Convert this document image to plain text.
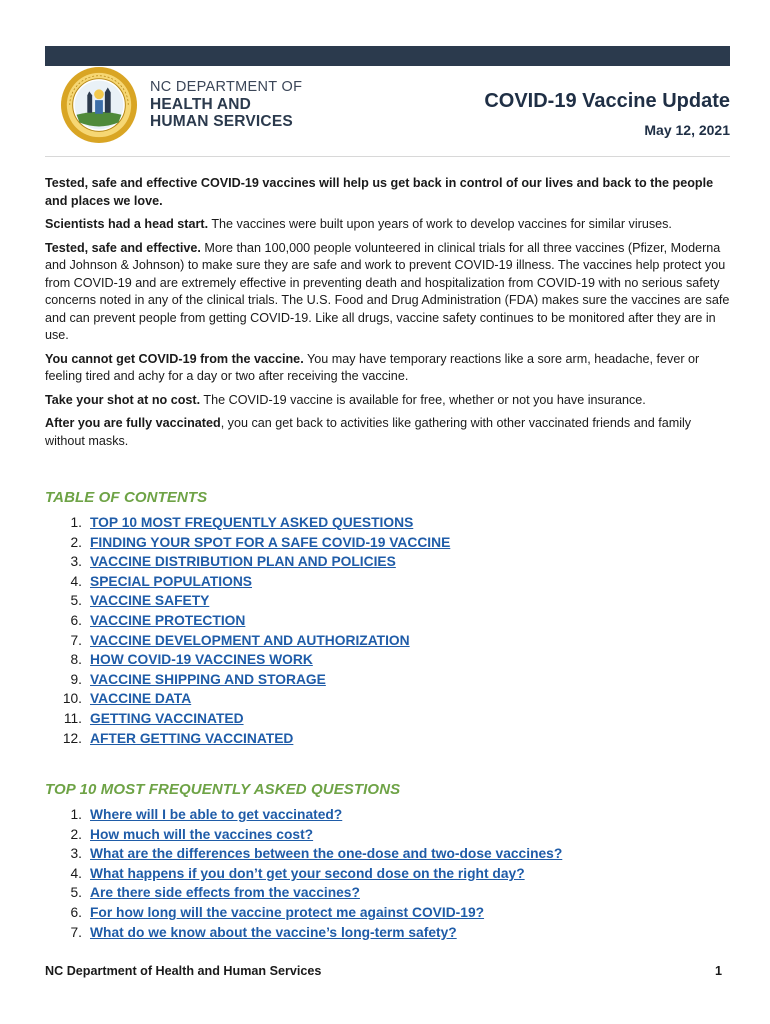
NC DEPARTMENT OF
HEALTH AND
HUMAN SERVICES
COVID-19 Vaccine Update
May 12, 2021

Tested, safe and effective COVID-19 vaccines will help us get back in control of our lives and back to the people and places we love.

Scientists had a head start. The vaccines were built upon years of work to develop vaccines for similar viruses.

Tested, safe and effective. More than 100,000 people volunteered in clinical trials for all three vaccines (Pfizer, Moderna and Johnson & Johnson) to make sure they are safe and work to prevent COVID-19 illness. The vaccines help protect you from COVID-19 and are extremely effective in preventing death and hospitalization from COVID-19 with no serious safety concerns noted in any of the clinical trials. The U.S. Food and Drug Administration (FDA) makes sure the vaccines are safe and can prevent people from getting COVID-19. Like all drugs, vaccine safety continues to be monitored after they are in use.

You cannot get COVID-19 from the vaccine. You may have temporary reactions like a sore arm, headache, fever or feeling tired and achy for a day or two after receiving the vaccine.

Take your shot at no cost. The COVID-19 vaccine is available for free, whether or not you have insurance.

After you are fully vaccinated, you can get back to activities like gathering with other vaccinated friends and family without masks.

TABLE OF CONTENTS
1. TOP 10 MOST FREQUENTLY ASKED QUESTIONS
2. FINDING YOUR SPOT FOR A SAFE COVID-19 VACCINE
3. VACCINE DISTRIBUTION PLAN AND POLICIES
4. SPECIAL POPULATIONS
5. VACCINE SAFETY
6. VACCINE PROTECTION
7. VACCINE DEVELOPMENT AND AUTHORIZATION
8. HOW COVID-19 VACCINES WORK
9. VACCINE SHIPPING AND STORAGE
10. VACCINE DATA
11. GETTING VACCINATED
12. AFTER GETTING VACCINATED
TOP 10 MOST FREQUENTLY ASKED QUESTIONS
1. Where will I be able to get vaccinated?
2. How much will the vaccines cost?
3. What are the differences between the one-dose and two-dose vaccines?
4. What happens if you don’t get your second dose on the right day?
5. Are there side effects from the vaccines?
6. For how long will the vaccine protect me against COVID-19?
7. What do we know about the vaccine’s long-term safety?
NC Department of Health and Human Services	1
